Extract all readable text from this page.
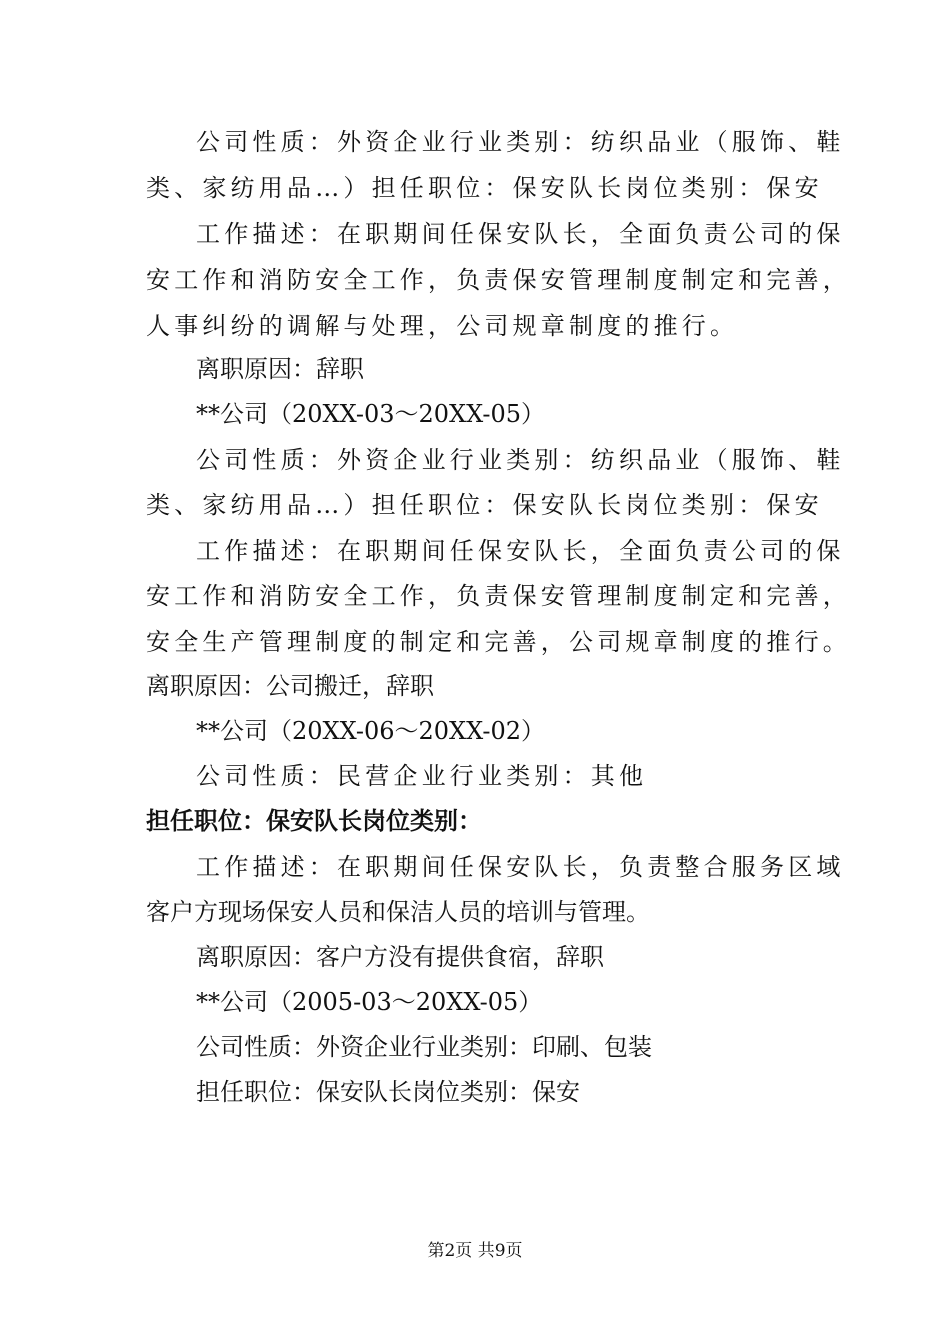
公司性质：外资企业行业类别：纺织品业（服饰、鞋
类、家纺用品…）担任职位：保安队长岗位类别：保安
工作描述：在职期间任保安队长，全面负责公司的保
安工作和消防安全工作，负责保安管理制度制定和完善，
人事纠纷的调解与处理，公司规章制度的推行。
离职原因：辞职
**公司（20XX-03～20XX-05）
公司性质：外资企业行业类别：纺织品业（服饰、鞋
类、家纺用品…）担任职位：保安队长岗位类别：保安
工作描述：在职期间任保安队长，全面负责公司的保
安工作和消防安全工作，负责保安管理制度制定和完善，
安全生产管理制度的制定和完善，公司规章制度的推行。
离职原因：公司搬迁，辞职
**公司（20XX-06～20XX-02）
公司性质：民营企业行业类别：其他
担任职位：保安队长岗位类别：
工作描述：在职期间任保安队长，负责整合服务区域
客户方现场保安人员和保洁人员的培训与管理。
离职原因：客户方没有提供食宿，辞职
**公司（2005-03～20XX-05）
公司性质：外资企业行业类别：印刷、包装
担任职位：保安队长岗位类别：保安
第2页 共9页
